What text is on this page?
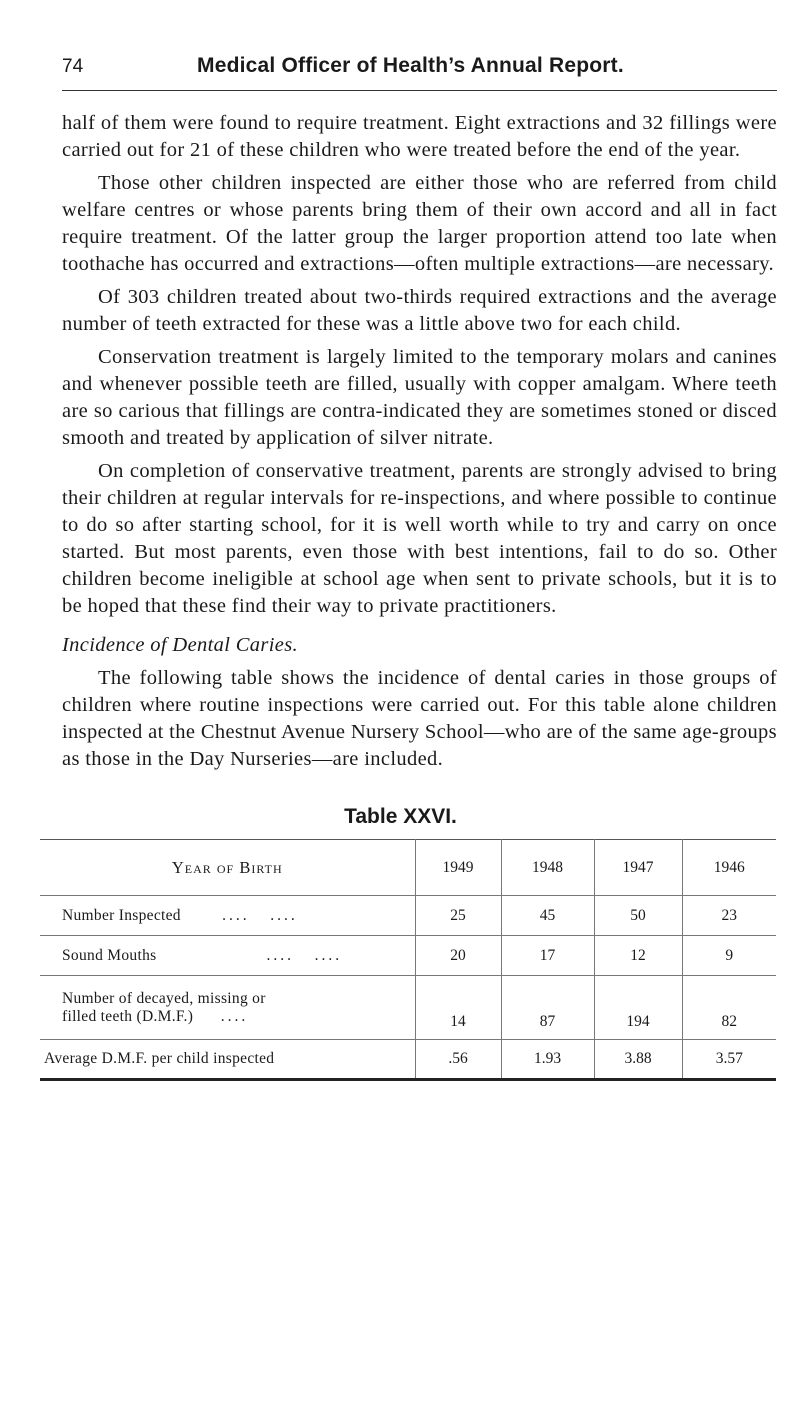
74	Medical Officer of Health’s Annual Report.

half of them were found to require treatment. Eight extractions and 32 fillings were carried out for 21 of these children who were treated before the end of the year.

Those other children inspected are either those who are referred from child welfare centres or whose parents bring them of their own accord and all in fact require treatment. Of the latter group the larger proportion attend too late when toothache has occurred and extractions—often multiple extractions—are necessary.

Of 303 children treated about two-thirds required extractions and the average number of teeth extracted for these was a little above two for each child.

Conservation treatment is largely limited to the temporary molars and canines and whenever possible teeth are filled, usually with copper amalgam. Where teeth are so carious that fillings are contra-indicated they are sometimes stoned or disced smooth and treated by application of silver nitrate.

On completion of conservative treatment, parents are strongly advised to bring their children at regular intervals for re-inspections, and where possible to continue to do so after starting school, for it is well worth while to try and carry on once started. But most parents, even those with best intentions, fail to do so. Other children become ineligible at school age when sent to private schools, but it is to be hoped that these find their way to private practitioners.

Incidence of Dental Caries.

The following table shows the incidence of dental caries in those groups of children where routine inspections were carried out. For this table alone children inspected at the Chestnut Avenue Nursery School—who are of the same age-groups as those in the Day Nurseries—are included.

Table XXVI.
Year of Birth	1949	1948	1947	1946
Number Inspected      ....   ....	25	45	50	23
Sound Mouths                ....   ....	20	17	12	9

Number of decayed, missing or
filled teeth (D.M.F.)    ....	14	87	194	82
Average D.M.F. per child inspected	.56	1.93	3.88	3.57
